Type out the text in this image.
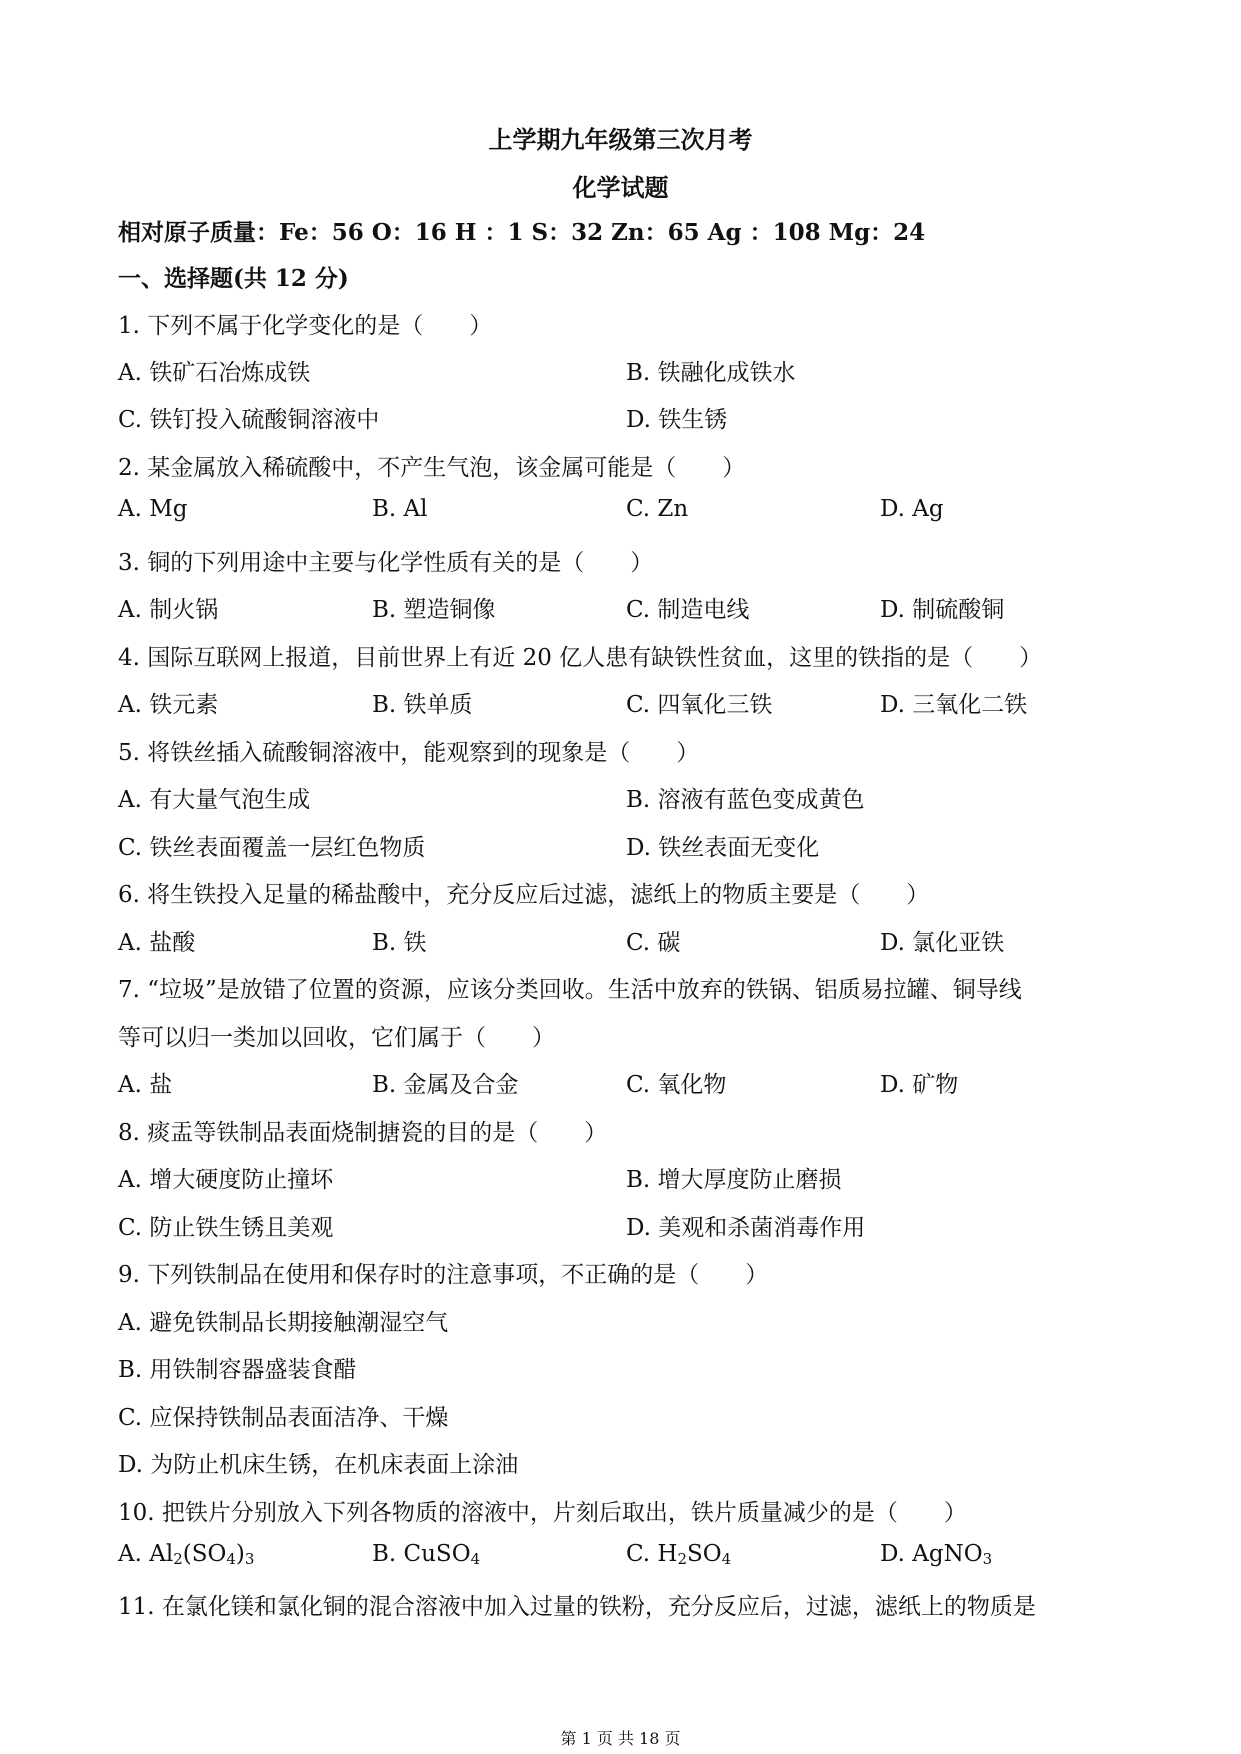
上学期九年级第三次月考
化学试题
相对原子质量：Fe：56 O：16 H ：1 S：32 Zn：65 Ag ：108 Mg：24
一、选择题(共 12 分)
1. 下列不属于化学变化的是（　　）
A. 铁矿石冶炼成铁	B. 铁融化成铁水
C. 铁钉投入硫酸铜溶液中	D. 铁生锈
2. 某金属放入稀硫酸中，不产生气泡，该金属可能是（　　）
A. Mg	B. Al	C. Zn	D. Ag
3. 铜的下列用途中主要与化学性质有关的是（　　）
A. 制火锅	B. 塑造铜像	C. 制造电线	D. 制硫酸铜
4. 国际互联网上报道，目前世界上有近 20 亿人患有缺铁性贫血，这里的铁指的是（　　）
A. 铁元素	B. 铁单质	C. 四氧化三铁	D. 三氧化二铁
5. 将铁丝插入硫酸铜溶液中，能观察到的现象是（　　）
A. 有大量气泡生成	B. 溶液有蓝色变成黄色
C. 铁丝表面覆盖一层红色物质	D. 铁丝表面无变化
6. 将生铁投入足量的稀盐酸中，充分反应后过滤，滤纸上的物质主要是（　　）
A. 盐酸	B. 铁	C. 碳	D. 氯化亚铁
7. “垃圾”是放错了位置的资源，应该分类回收。生活中放弃的铁锅、铝质易拉罐、铜导线
等可以归一类加以回收，它们属于（　　）
A. 盐	B. 金属及合金	C. 氧化物	D. 矿物
8. 痰盂等铁制品表面烧制搪瓷的目的是（　　）
A. 增大硬度防止撞坏	B. 增大厚度防止磨损
C. 防止铁生锈且美观	D. 美观和杀菌消毒作用
9. 下列铁制品在使用和保存时的注意事项，不正确的是（　　）
A. 避免铁制品长期接触潮湿空气
B. 用铁制容器盛装食醋
C. 应保持铁制品表面洁净、干燥
D. 为防止机床生锈，在机床表面上涂油
10. 把铁片分别放入下列各物质的溶液中，片刻后取出，铁片质量减少的是（　　）
A. $Al_2(SO_4)_3$	B. CuSO$_4$	C. $H_2SO_4$	D. AgNO$_3$
11. 在氯化镁和氯化铜的混合溶液中加入过量的铁粉，充分反应后，过滤，滤纸上的物质是
第 1 页 共 18 页
